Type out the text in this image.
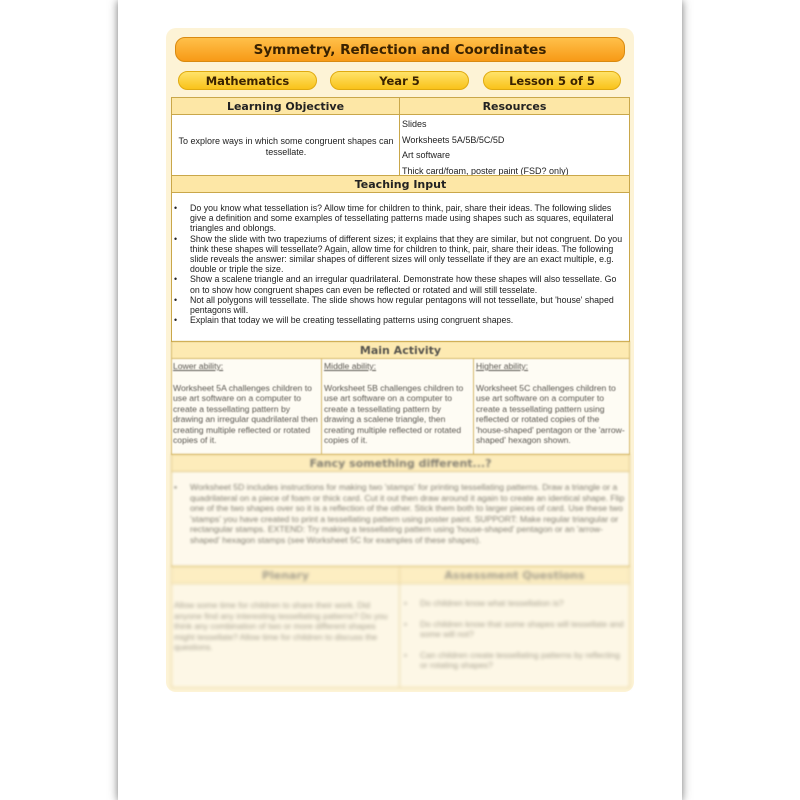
Symmetry, Reflection and Coordinates
Mathematics	Year 5	Lesson 5 of 5
Learning Objective	Resources
To explore ways in which some congruent shapes can tessellate.
Slides
Worksheets 5A/5B/5C/5D
Art software
Thick card/foam, poster paint (FSD? only)
Teaching Input
• Do you know what tessellation is? Allow time for children to think, pair, share their ideas. The following slides give a definition and some examples of tessellating patterns made using shapes such as squares, equilateral triangles and oblongs.
• Show the slide with two trapeziums of different sizes; it explains that they are similar, but not congruent. Do you think these shapes will tessellate? Again, allow time for children to think, pair, share their ideas. The following slide reveals the answer: similar shapes of different sizes will only tessellate if they are an exact multiple, e.g. double or triple the size.
• Show a scalene triangle and an irregular quadrilateral. Demonstrate how these shapes will also tessellate. Go on to show how congruent shapes can even be reflected or rotated and will still tesselate.
• Not all polygons will tessellate. The slide shows how regular pentagons will not tessellate, but 'house' shaped pentagons will.
• Explain that today we will be creating tessellating patterns using congruent shapes.
Main Activity
Lower ability:
Worksheet 5A challenges children to use art software on a computer to create a tessellating pattern by drawing an irregular quadrilateral then creating multiple reflected or rotated copies of it.
Middle ability:
Worksheet 5B challenges children to use art software on a computer to create a tessellating pattern by drawing a scalene triangle, then creating multiple reflected or rotated copies of it.
Higher ability:
Worksheet 5C challenges children to use art software on a computer to create a tessellating pattern using reflected or rotated copies of the 'house-shaped' pentagon or the 'arrow-shaped' hexagon shown.
Fancy something different...?
• Worksheet 5D includes instructions for making two 'stamps' for printing tessellating patterns. Draw a triangle or a quadrilateral on a piece of foam or thick card. Cut it out then draw around it again to create an identical shape. Flip one of the two shapes over so it is a reflection of the other. Stick them both to larger pieces of card. Use these two 'stamps' you have created to print a tessellating pattern using poster paint. SUPPORT: Make regular triangular or rectangular stamps. EXTEND: Try making a tessellating pattern using 'house-shaped' pentagon or an 'arrow-shaped' hexagon stamps (see Worksheet 5C for examples of these shapes).
Plenary	Assessment Questions
Allow some time for children to share their work. Did anyone find any interesting tessellating patterns? Do you think any combination of two or more different shapes might tessellate? Allow time for children to discuss the questions.
• Do children know what tessellation is?
• Do children know that some shapes will tessellate and some will not?
• Can children create tessellating patterns by reflecting or rotating shapes?
